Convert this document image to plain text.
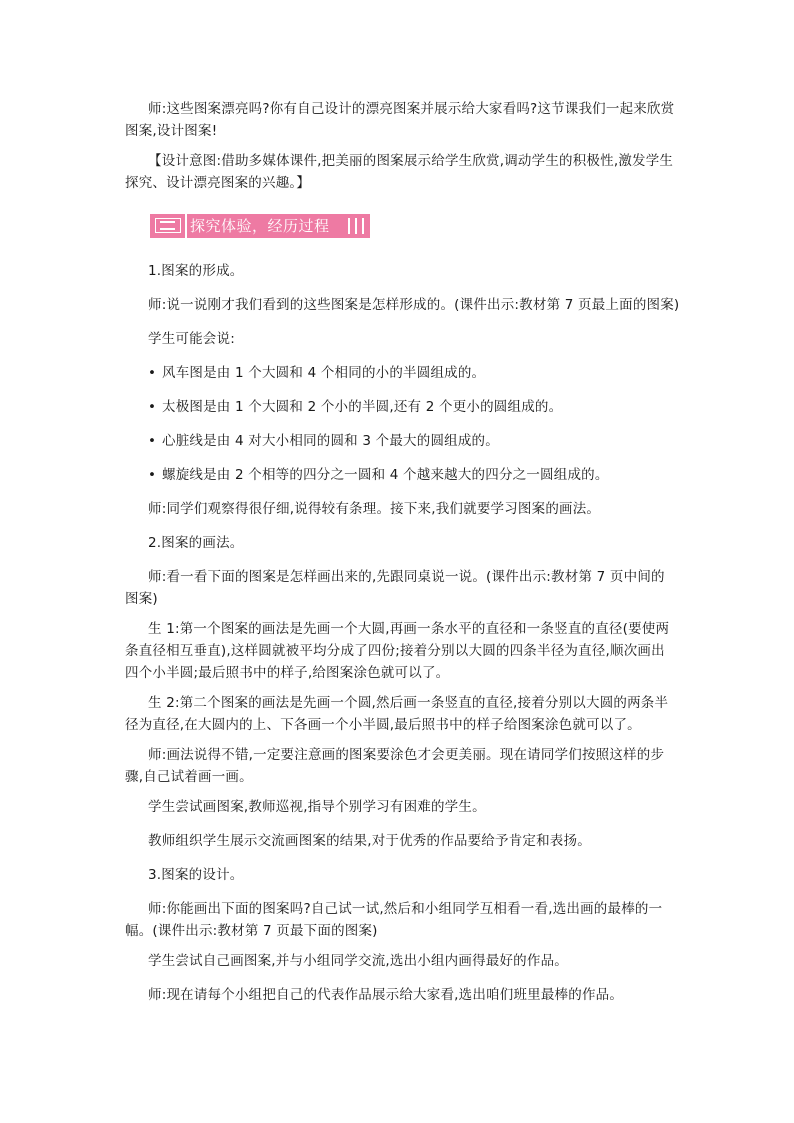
师:这些图案漂亮吗?你有自己设计的漂亮图案并展示给大家看吗?这节课我们一起来欣赏图案,设计图案!

【设计意图:借助多媒体课件,把美丽的图案展示给学生欣赏,调动学生的积极性,激发学生探究、设计漂亮图案的兴趣。】

探究体验，经历过程

1.图案的形成。

师:说一说刚才我们看到的这些图案是怎样形成的。(课件出示:教材第 7 页最上面的图案)

学生可能会说:

• 风车图是由 1 个大圆和 4 个相同的小的半圆组成的。

• 太极图是由 1 个大圆和 2 个小的半圆,还有 2 个更小的圆组成的。

• 心脏线是由 4 对大小相同的圆和 3 个最大的圆组成的。

• 螺旋线是由 2 个相等的四分之一圆和 4 个越来越大的四分之一圆组成的。

师:同学们观察得很仔细,说得较有条理。接下来,我们就要学习图案的画法。

2.图案的画法。

师:看一看下面的图案是怎样画出来的,先跟同桌说一说。(课件出示:教材第 7 页中间的图案)

生 1:第一个图案的画法是先画一个大圆,再画一条水平的直径和一条竖直的直径(要使两条直径相互垂直),这样圆就被平均分成了四份;接着分别以大圆的四条半径为直径,顺次画出四个小半圆;最后照书中的样子,给图案涂色就可以了。

生 2:第二个图案的画法是先画一个圆,然后画一条竖直的直径,接着分别以大圆的两条半径为直径,在大圆内的上、下各画一个小半圆,最后照书中的样子给图案涂色就可以了。

师:画法说得不错,一定要注意画的图案要涂色才会更美丽。现在请同学们按照这样的步骤,自己试着画一画。

学生尝试画图案,教师巡视,指导个别学习有困难的学生。

教师组织学生展示交流画图案的结果,对于优秀的作品要给予肯定和表扬。

3.图案的设计。

师:你能画出下面的图案吗?自己试一试,然后和小组同学互相看一看,选出画的最棒的一幅。(课件出示:教材第 7 页最下面的图案)

学生尝试自己画图案,并与小组同学交流,选出小组内画得最好的作品。

师:现在请每个小组把自己的代表作品展示给大家看,选出咱们班里最棒的作品。
